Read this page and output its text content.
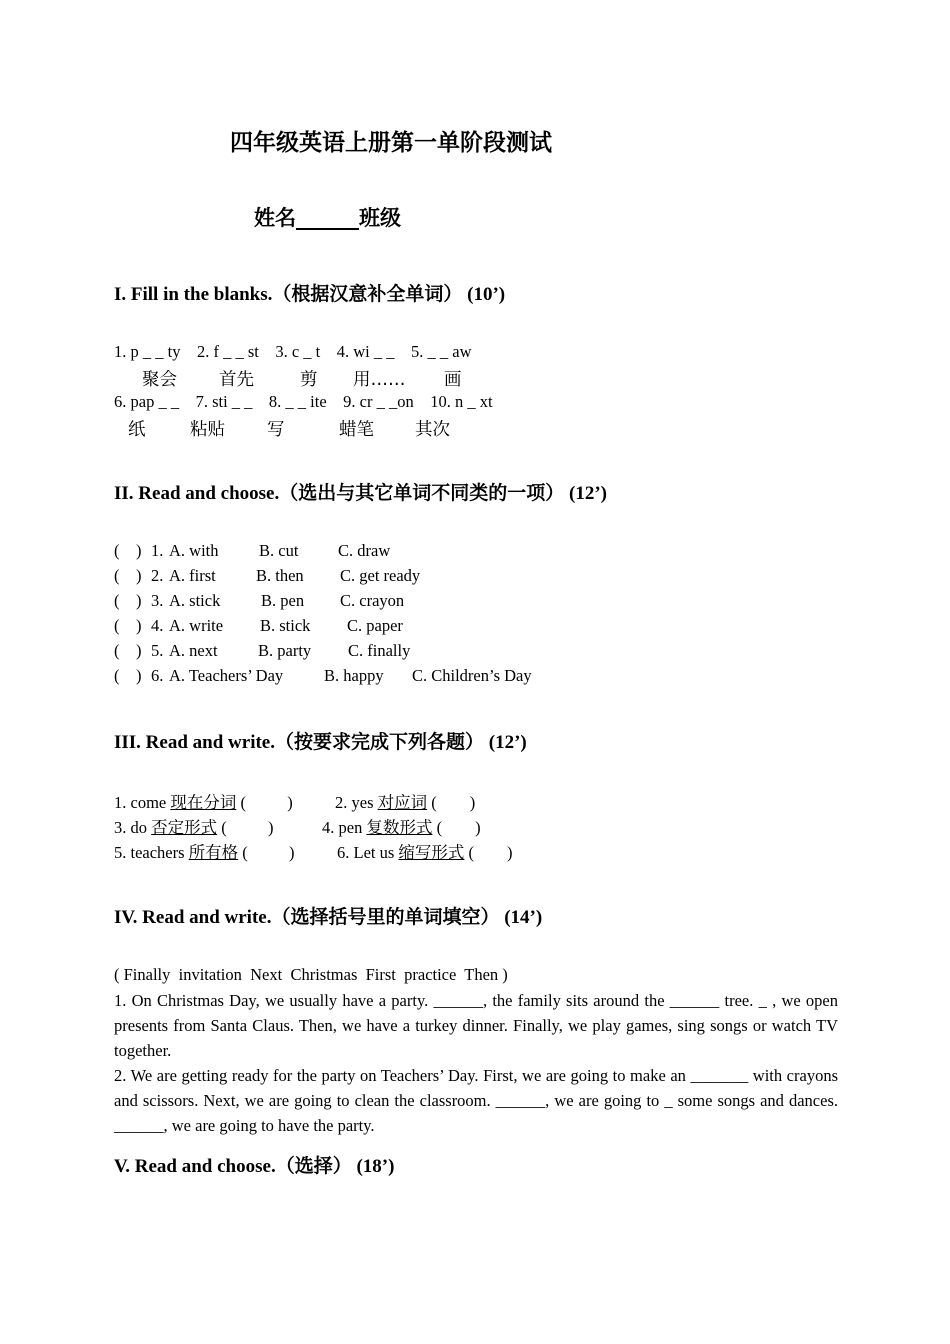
四年级英语上册第一单阶段测试
姓名______班级
I. Fill in the blanks.（根据汉意补全单词） (10’)
1. p _ _ ty    2. f _ _ st    3. c _ t    4. wi _ _    5. _ _ aw
聚会 首先	剪 用…… 画
6. pap _ _    7. sti _ _    8. _ _ ite    9. cr _ _on    10. n _ xt
纸	粘贴 写	蜡笔 其次
II. Read and choose.（选出与其它单词不同类的一项） (12’)
(    ) 1. A. with B. cut C. draw
(    ) 2. A. first B. then C. get ready
(    ) 3. A. stick B. pen C. crayon
(    ) 4. A. write B. stick C. paper
(    ) 5. A. next B. party C. finally
(    ) 6. A. Teachers’ Day B. happy C. Children’s Day
III. Read and write.（按要求完成下列各题） (12’)
1. come 现在分词 (          )	2. yes 对应词 (        )
3. do 否定形式 (          )	4. pen 复数形式 (        )
5. teachers 所有格 (          )	6. Let us 缩写形式 (        )
IV. Read and write.（选择括号里的单词填空） (14’)
( Finally  invitation  Next  Christmas  First  practice  Then )
1. On Christmas Day, we usually have a party. ______, the family sits around the ______ tree. _ , we open presents from Santa Claus. Then, we have a turkey dinner. Finally, we play games, sing songs or watch TV together.
2. We are getting ready for the party on Teachers’ Day. First, we are going to make an _______ with crayons and scissors. Next, we are going to clean the classroom. ______, we are going to _ some songs and dances. ______, we are going to have the party.
V. Read and choose.（选择） (18’)
